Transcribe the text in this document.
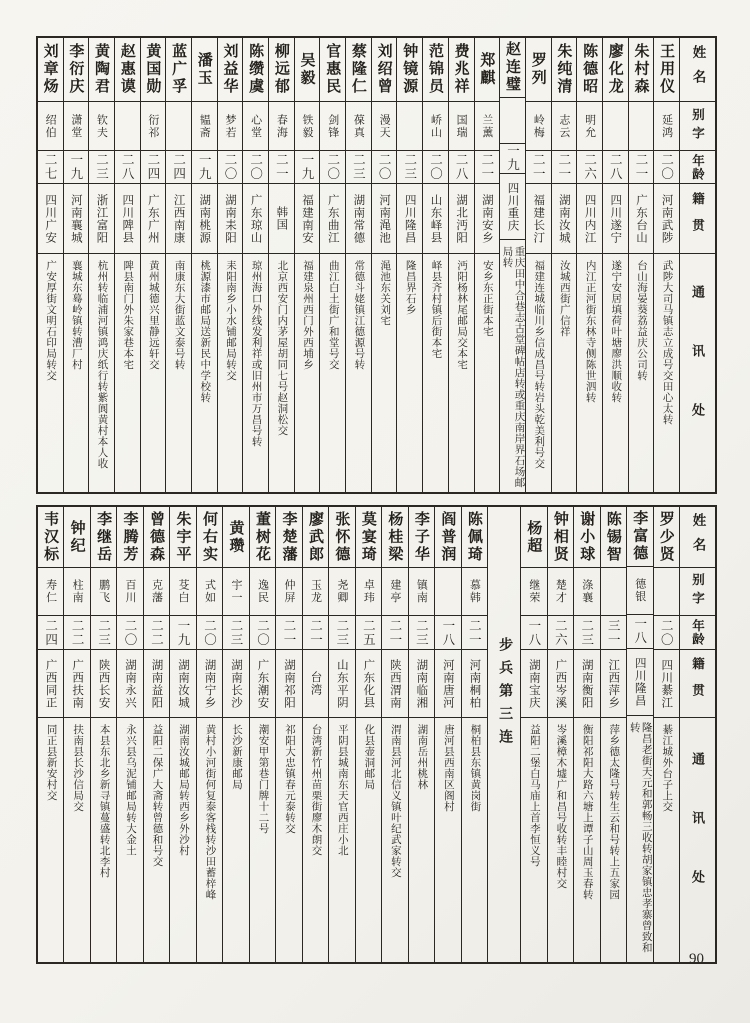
姓名
别字
年龄
籍贯
通讯处
王用仪
延鸿
二〇
河南武陟
武陟大司马镇志立成号交田心太转
朱村森
二一
广东台山
台山海晏葵荔益庆公司转
廖化龙
二八
四川遂宁
遂宁安居填荷叶塘廖洪顺收转
陈德昭
明允
二六
四川内江
内江正河街东林寺侧陈世泗转
朱纯清
志云
二一
湖南汝城
汝城西街广信祥
罗列
岭梅
二一
福建长汀
福建连城临川乡信成昌号转岩头乾美利号交
赵连璧
一九
四川重庆
重庆田中合巷志古堂碑帖店转或重庆南岸界石场邮局转
郑麒
兰薰
二一
湖南安乡
安乡东正街本宅
费兆祥
国瑞
二八
湖北沔阳
沔阳杨林尾邮局交本宅
范锦员
峤山
二〇
山东峄县
峄县齐村镇后街本宅
钟镜源
二三
四川隆昌
隆昌界石乡
刘绍曾
漫天
二〇
河南渑池
渑池东关刘宅
蔡隆仁
葆真
二三
湖南常德
常德斗姥镇江德源号转
官惠民
剑锋
二〇
广东曲江
曲江白土街广和堂号交
吴毅
铁毅
一九
福建南安
福建泉州西门外西埔乡
柳远郁
春海
二一
韩国
北京西安门内茅屋胡同七号赵洞松交
陈缵虞
心堂
二〇
广东琼山
琼州海口外线发利祥或旧州市万昌号转
刘益华
梦若
二〇
湖南耒阳
耒阳南乡小水铺邮局转交
潘玉
韫斋
一九
湖南桃源
桃源漆市邮局送新民中学校转
蓝广孚
二四
江西南康
南康东大街蓝文泰号转
黄国勋
衍祁
二四
广东广州
黄州城德兴里静远轩交
赵惠谟
二八
四川陴县
陴县南门外朱家巷本宅
黄陶君
钦夫
二三
浙江富阳
杭州转临浦河镇鸿庆纸行转紫阆黄村本人收
李衍庆
潇堂
一九
河南襄城
襄城东蓦岭镇转漕厂村
刘章炀
绍伯
二七
四川广安
广安厚街文明石印局转交
姓名
别字
年龄
籍贯
通讯处
罗少贤
二〇
四川綦江
綦江城外台子上交
李富德
德银
一八
四川隆昌
隆昌老街天元和郭畅三收转胡家镇忠孝寨曾致和转
陈锡智
三一
江西萍乡
萍乡德太隆号转生云和号转上五家园
谢小球
涤襄
二三
湖南衡阳
衡阳祁阳大路六塘上谭子山周玉春转
钟相贤
楚才
二六
广西岑溪
岑溪樟木墟广和昌号收转丰睦村交
杨超
继荣
一八
湖南宝庆
益阳二堡白马庙上首李恒义号
步兵第三连
陈佩琦
慕韩
二一
河南桐柏
桐柏县东镇黄岗街
阎普润
一八
河南唐河
唐河县西南区阁村
李子华
镇南
二三
湖南临湘
湖南岳州桃林
杨桂梁
建亭
二一
陕西渭南
渭南县河北信义镇叶纪武家转交
莫宴琦
卓玮
二五
广东化县
化县壶洞邮局
张怀德
尧卿
二三
山东平阴
平阴县城南东天官西庄小北
廖武郎
玉龙
二一
台湾
台湾新竹州苗栗街廖木朗交
李楚藩
仲屏
二一
湖南祁阳
祁阳大忠镇春元泰转交
董树花
逸民
二〇
广东潮安
潮安甲第巷门牌十二号
黄瓒
宇一
二三
湖南长沙
长沙新康邮局
何右实
式如
二〇
湖南宁乡
黄村小河街何复泰客栈转沙田蓄梓峰
朱宇平
芟白
一九
湖南汝城
湖南汝城邮局转西乡外沙村
曾德森
克藩
二二
湖南益阳
益阳二保广大斋转曾德和号交
李腾芳
百川
二〇
湖南永兴
永兴县乌泥铺邮局转大金土
李继岳
鹏飞
二三
陕西长安
本县东北乡新寻镇蔓盛转北李村
钟纪
柱南
二二
广西扶南
扶南县长沙信局交
韦汉标
寿仁
二四
广西同正
同正县新安村交
90
